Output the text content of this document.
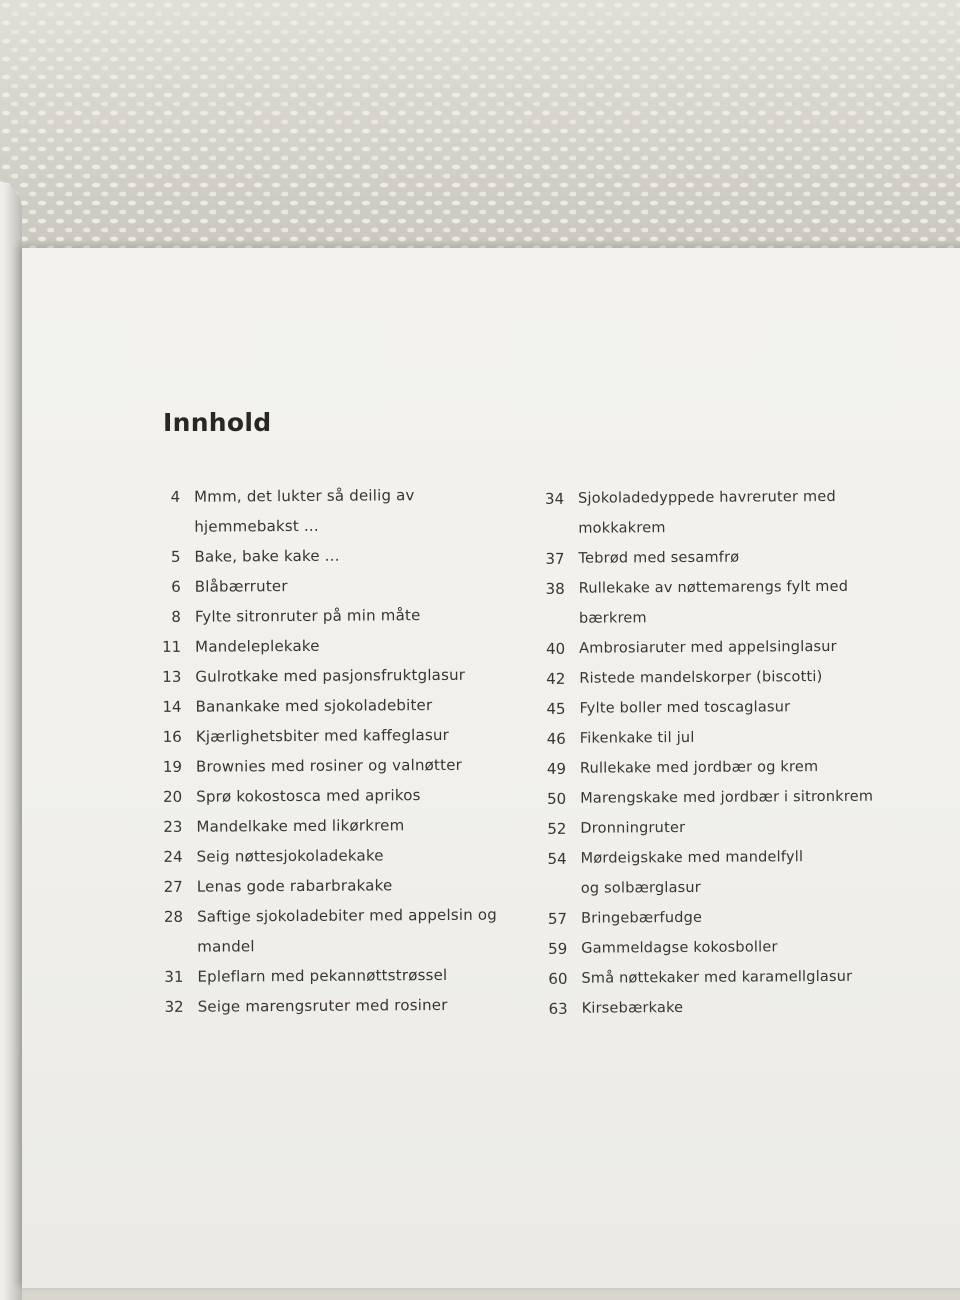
Innhold
4 Mmm, det lukter så deilig av
hjemmebakst ...
5 Bake, bake kake ...
6 Blåbærruter
8 Fylte sitronruter på min måte
11 Mandeleplekake
13 Gulrotkake med pasjonsfruktglasur
14 Banankake med sjokoladebiter
16 Kjærlighetsbiter med kaffeglasur
19 Brownies med rosiner og valnøtter
20 Sprø kokostosca med aprikos
23 Mandelkake med likørkrem
24 Seig nøttesjokoladekake
27 Lenas gode rabarbrakake
28 Saftige sjokoladebiter med appelsin og
mandel
31 Epleflarn med pekannøttstrøssel
32 Seige marengsruter med rosiner
34 Sjokoladedyppede havreruter med
mokkakrem
37 Tebrød med sesamfrø
38 Rullekake av nøttemarengs fylt med
bærkrem
40 Ambrosiaruter med appelsinglasur
42 Ristede mandelskorper (biscotti)
45 Fylte boller med toscaglasur
46 Fikenkake til jul
49 Rullekake med jordbær og krem
50 Marengskake med jordbær i sitronkrem
52 Dronningruter
54 Mørdeigskake med mandelfyll
og solbærglasur
57 Bringebærfudge
59 Gammeldagse kokosboller
60 Små nøttekaker med karamellglasur
63 Kirsebærkake
